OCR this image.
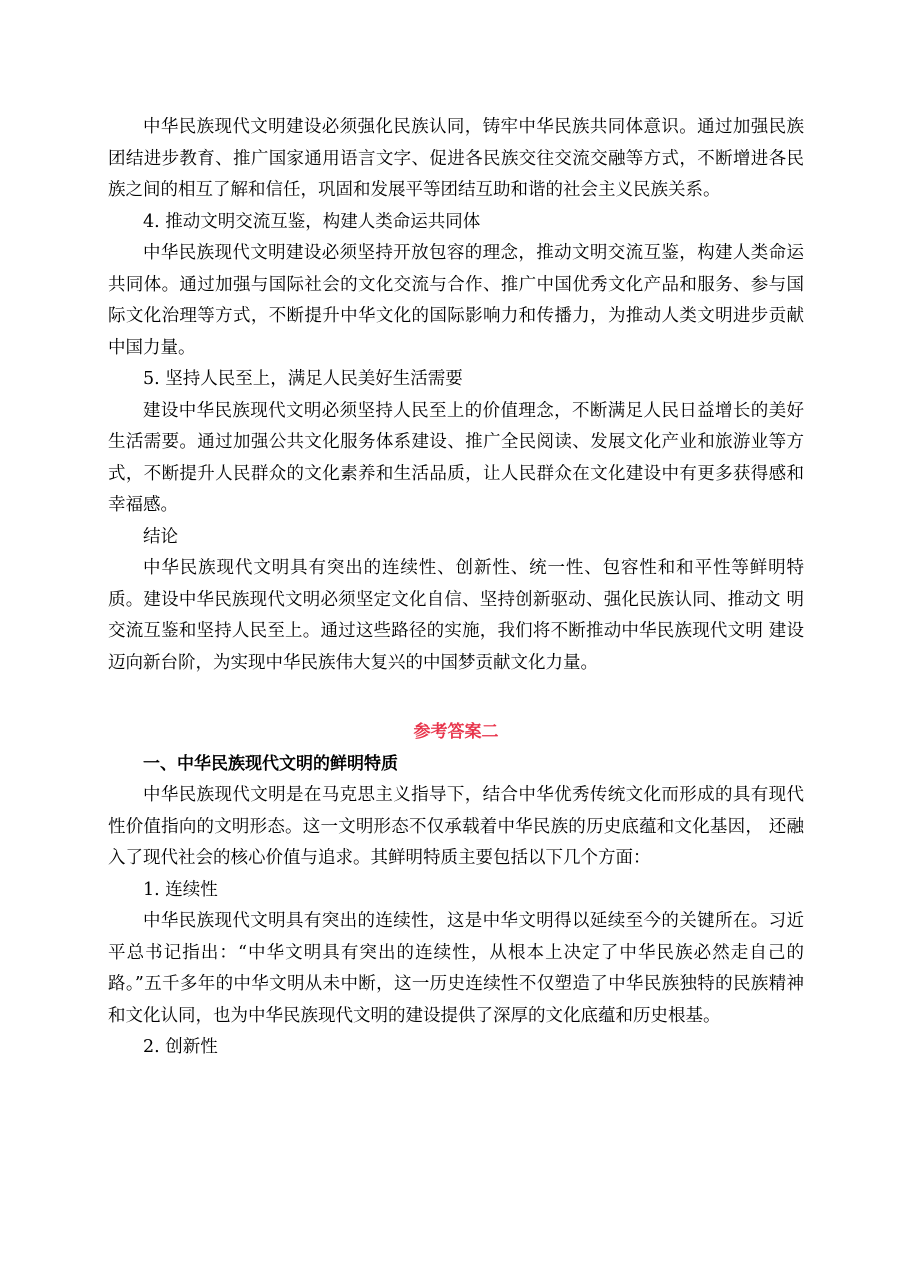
中华民族现代文明建设必须强化民族认同，铸牢中华民族共同体意识。通过加强民族团结进步教育、推广国家通用语言文字、促进各民族交往交流交融等方式，不断增进各民族之间的相互了解和信任，巩固和发展平等团结互助和谐的社会主义民族关系。

4. 推动文明交流互鉴，构建人类命运共同体

中华民族现代文明建设必须坚持开放包容的理念，推动文明交流互鉴，构建人类命运共同体。通过加强与国际社会的文化交流与合作、推广中国优秀文化产品和服务、参与国际文化治理等方式，不断提升中华文化的国际影响力和传播力，为推动人类文明进步贡献中国力量。

5. 坚持人民至上，满足人民美好生活需要

建设中华民族现代文明必须坚持人民至上的价值理念，不断满足人民日益增长的美好生活需要。通过加强公共文化服务体系建设、推广全民阅读、发展文化产业和旅游业等方式，不断提升人民群众的文化素养和生活品质，让人民群众在文化建设中有更多获得感和幸福感。

结论

中华民族现代文明具有突出的连续性、创新性、统一性、包容性和和平性等鲜明特质。建设中华民族现代文明必须坚定文化自信、坚持创新驱动、强化民族认同、推动文 明交流互鉴和坚持人民至上。通过这些路径的实施，我们将不断推动中华民族现代文明 建设迈向新台阶，为实现中华民族伟大复兴的中国梦贡献文化力量。

参考答案二
一、中华民族现代文明的鲜明特质

中华民族现代文明是在马克思主义指导下，结合中华优秀传统文化而形成的具有现代性价值指向的文明形态。这一文明形态不仅承载着中华民族的历史底蕴和文化基因， 还融入了现代社会的核心价值与追求。其鲜明特质主要包括以下几个方面：

1. 连续性

中华民族现代文明具有突出的连续性，这是中华文明得以延续至今的关键所在。习近平总书记指出：“中华文明具有突出的连续性，从根本上决定了中华民族必然走自己的路。”五千多年的中华文明从未中断，这一历史连续性不仅塑造了中华民族独特的民族精神和文化认同，也为中华民族现代文明的建设提供了深厚的文化底蕴和历史根基。

2. 创新性
